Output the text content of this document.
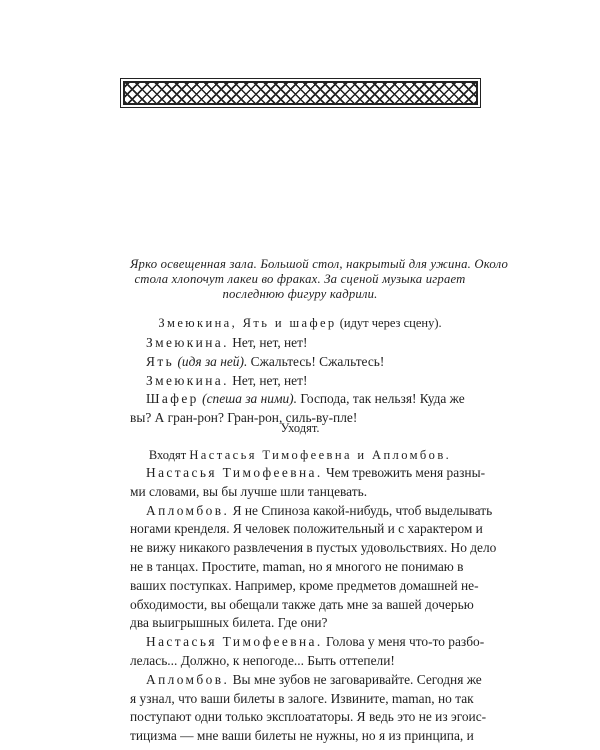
Ярко освещенная зала. Большой стол, накрытый для ужина. Около
стола хлопочут лакеи во фраках. За сценой музыка играет
последнюю фигуру кадрили.
Змеюкина, Ять и шафер (идут через сцену).
Змеюкина. Нет, нет, нет!
Ять (идя за ней). Сжальтесь! Сжальтесь!
Змеюкина. Нет, нет, нет!
Шафер (спеша за ними). Господа, так нельзя! Куда же
вы? А гран-рон? Гран-рон, силь-ву-пле!
Уходят.
Входят Настасья Тимофеевна и Апломбов.
Настасья Тимофеевна. Чем тревожить меня разны-
ми словами, вы бы лучше шли танцевать.
Апломбов. Я не Спиноза какой-нибудь, чтоб выделывать
ногами кренделя. Я человек положительный и с характером и
не вижу никакого развлечения в пустых удовольствиях. Но дело
не в танцах. Простите, maman, но я многого не понимаю в
ваших поступках. Например, кроме предметов домашней не-
обходимости, вы обещали также дать мне за вашей дочерью
два выигрышных билета. Где они?
Настасья Тимофеевна. Голова у меня что-то разбо-
лелась... Должно, к непогоде... Быть оттепели!
Апломбов. Вы мне зубов не заговаривайте. Сегодня же
я узнал, что ваши билеты в залоге. Извините, maman, но так
поступают одни только эксплоататоры. Я ведь это не из эгоис-
тицизма — мне ваши билеты не нужны, но я из принципа, и
